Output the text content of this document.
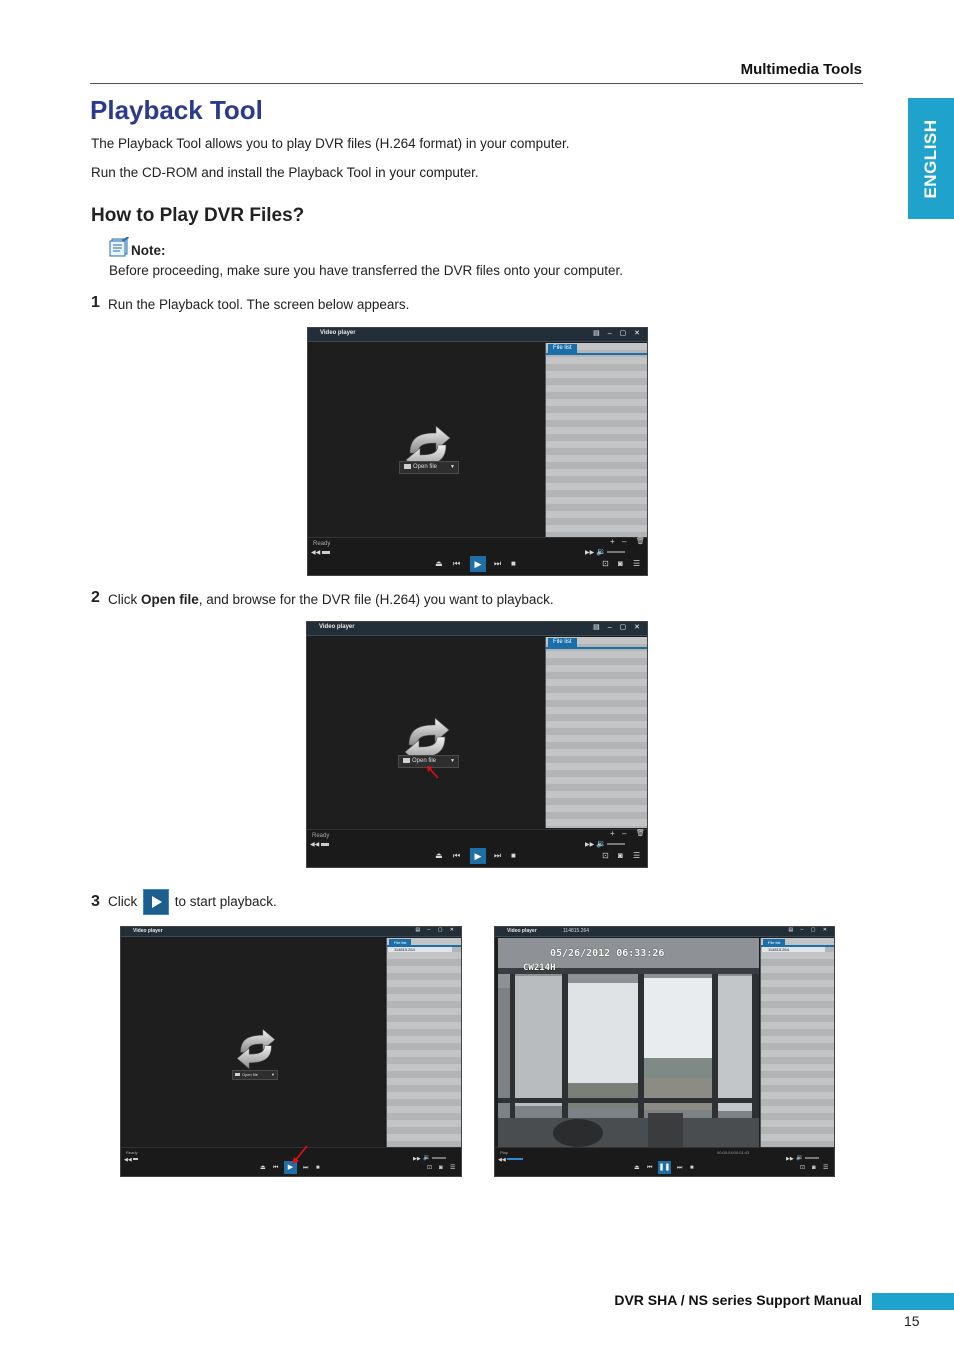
Multimedia Tools
ENGLISH
Playback Tool
The Playback Tool allows you to play DVR files (H.264 format) in your computer.
Run the CD-ROM and install the Playback Tool in your computer.
How to Play DVR Files?
Note:
Before proceeding, make sure you have transferred the DVR files onto your computer.
1 Run the Playback tool. The screen below appears.
Video player	▤ – ▢ ✕
Open file	▼
File list
Ready
◀◀
+ – 🗑
▶▶ 🔉
⏏ ⏮	▶	⏭ ■	⊡ ◙ ☰
2 Click Open file, and browse for the DVR file (H.264) you want to playback.
Video player	▤ – ▢ ✕
Open file	▼
File list
Ready
◀◀
+ – 🗑
▶▶ 🔉
⏏ ⏮	▶	⏭ ■	⊡ ◙ ☰
3 Click  to start playback.
Video player	▤ – ▢ ✕
Open file	▼
File list
114815.264
Ready
◀◀	▶▶ 🔉
⏏ ⏮	▶	⏭ ■	⊡ ◙ ☰
Video player	114815.264	▤ – ▢ ✕
05/26/2012 06:33:26
CW214H
File list
114815.264
Play	00:00:04/00:01:43
◀◀	▶▶ 🔉
⏏ ⏮ ❚❚ ⏭ ■	⊡ ◙ ☰
DVR SHA / NS series Support Manual
15
